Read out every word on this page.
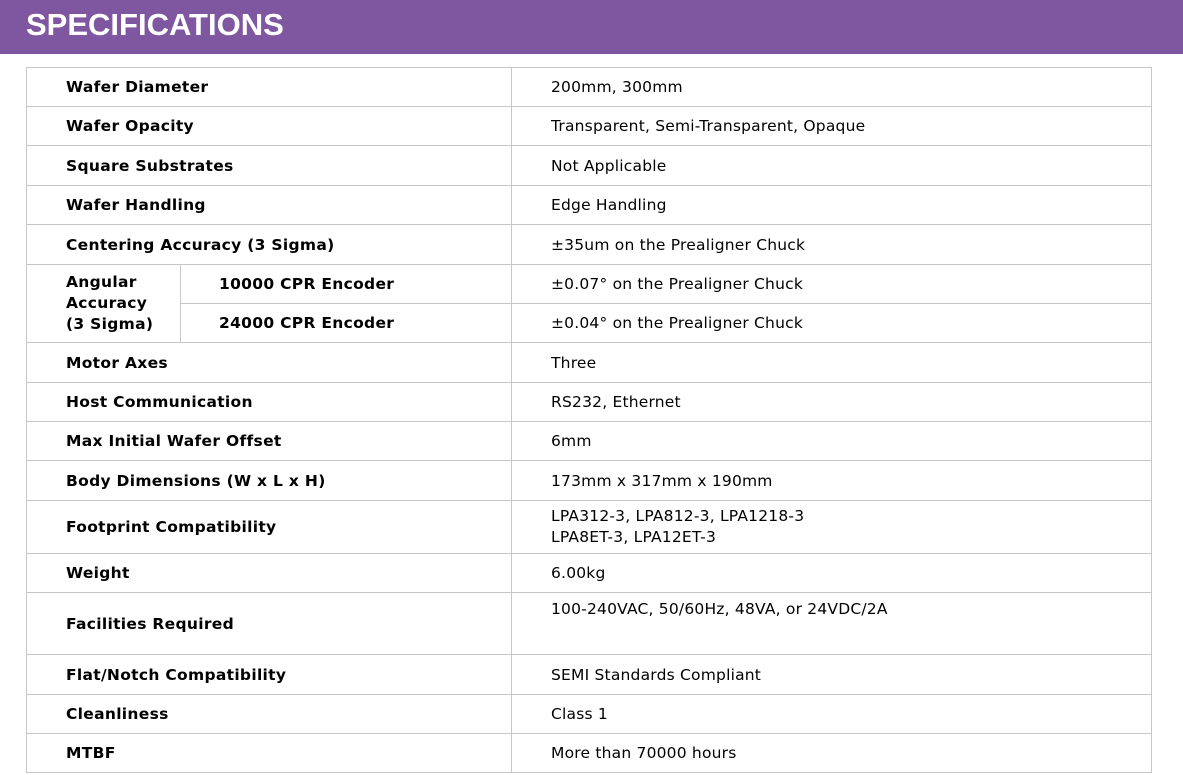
SPECIFICATIONS
Wafer Diameter		200mm, 300mm
Wafer Opacity		Transparent, Semi-Transparent, Opaque
Square Substrates		Not Applicable
Wafer Handling		Edge Handling
Centering Accuracy (3 Sigma)		±35um on the Prealigner Chuck

Angular
Accuracy
(3 Sigma)	10000 CPR Encoder	±0.07° on the Prealigner Chuck
	24000 CPR Encoder	±0.04° on the Prealigner Chuck
Motor Axes		Three
Host Communication		RS232, Ethernet
Max Initial Wafer Offset		6mm
Body Dimensions (W x L x H)		173mm x 317mm x 190mm
Footprint Compatibility		LPA312-3, LPA812-3, LPA1218-3
LPA8ET-3, LPA12ET-3

Weight		6.00kg
Facilities Required		100-240VAC, 50/60Hz, 48VA, or 24VDC/2A
Flat/Notch Compatibility		SEMI Standards Compliant
Cleanliness		Class 1
MTBF		More than 70000 hours
